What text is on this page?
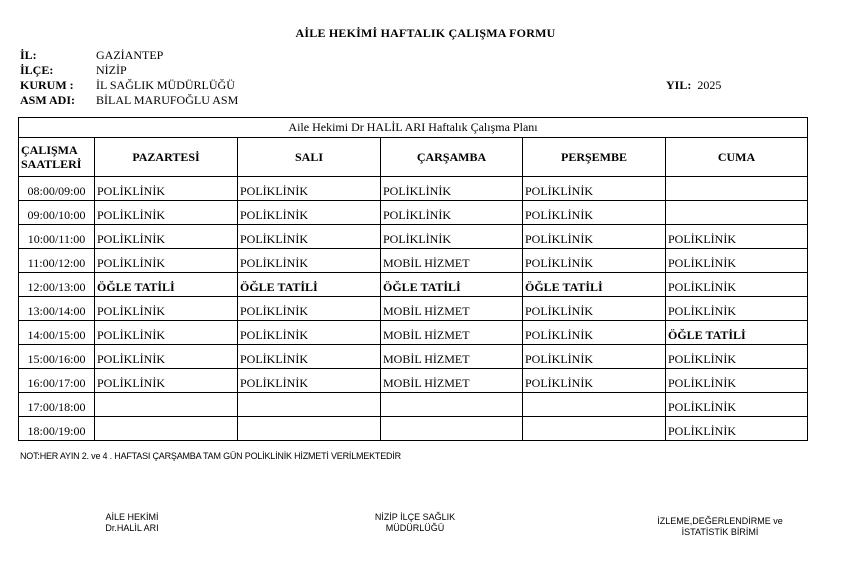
AİLE HEKİMİ HAFTALIK ÇALIŞMA FORMU
İL:	GAZİANTEP
İLÇE:	NİZİP
KURUM :	İL SAĞLIK MÜDÜRLÜĞÜ
ASM ADI:	BİLAL MARUFOĞLU ASM
YIL: 2025
Aile Hekimi Dr HALİL ARI Haftalık Çalışma Planı					
ÇALIŞMA
SAATLERİ	PAZARTESİ	SALI	ÇARŞAMBA	PERŞEMBE	CUMA
08:00/09:00	POLİKLİNİK	POLİKLİNİK	POLİKLİNİK	POLİKLİNİK	
09:00/10:00	POLİKLİNİK	POLİKLİNİK	POLİKLİNİK	POLİKLİNİK	
10:00/11:00	POLİKLİNİK	POLİKLİNİK	POLİKLİNİK	POLİKLİNİK	POLİKLİNİK
11:00/12:00	POLİKLİNİK	POLİKLİNİK	MOBİL HİZMET	POLİKLİNİK	POLİKLİNİK
12:00/13:00	ÖĞLE TATİLİ	ÖĞLE TATİLİ	ÖĞLE TATİLİ	ÖĞLE TATİLİ	POLİKLİNİK
13:00/14:00	POLİKLİNİK	POLİKLİNİK	MOBİL HİZMET	POLİKLİNİK	POLİKLİNİK
14:00/15:00	POLİKLİNİK	POLİKLİNİK	MOBİL HİZMET	POLİKLİNİK	ÖĞLE TATİLİ
15:00/16:00	POLİKLİNİK	POLİKLİNİK	MOBİL HİZMET	POLİKLİNİK	POLİKLİNİK
16:00/17:00	POLİKLİNİK	POLİKLİNİK	MOBİL HİZMET	POLİKLİNİK	POLİKLİNİK
17:00/18:00					POLİKLİNİK
18:00/19:00					POLİKLİNİK
NOT:HER AYIN 2. ve 4 . HAFTASI ÇARŞAMBA TAM GÜN POLİKLİNİK HİZMETİ VERİLMEKTEDİR
AİLE HEKİMİ
Dr.HALİL ARI
NİZİP İLÇE SAĞLIK
MÜDÜRLÜĞÜ
İZLEME,DEĞERLENDİRME ve
İSTATİSTİK BİRİMİ
